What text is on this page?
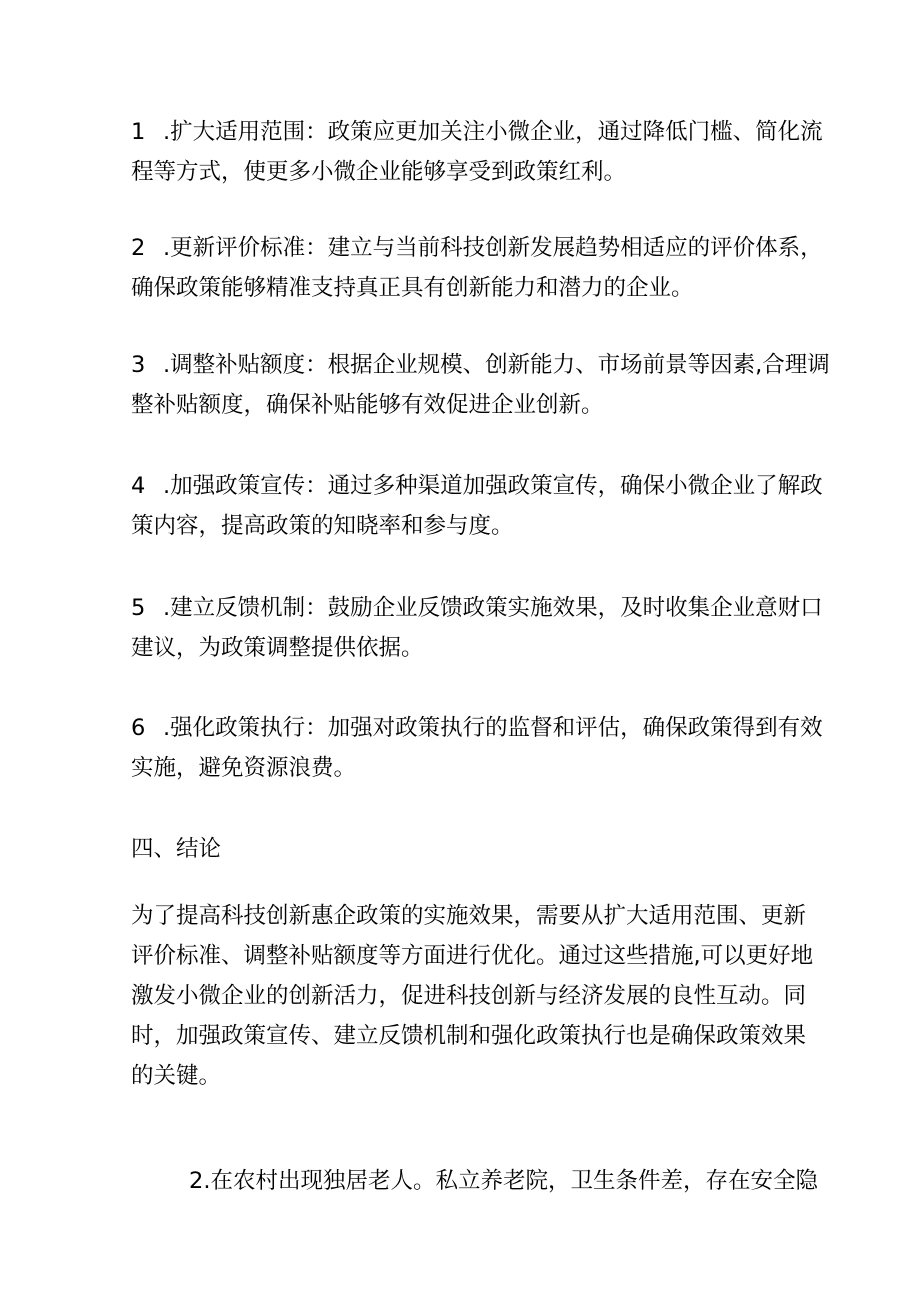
1 .扩大适用范围：政策应更加关注小微企业，通过降低门槛、简化流
程等方式，使更多小微企业能够享受到政策红利。
2 .更新评价标准：建立与当前科技创新发展趋势相适应的评价体系，
确保政策能够精准支持真正具有创新能力和潜力的企业。
3 .调整补贴额度：根据企业规模、创新能力、市场前景等因素,合理调
整补贴额度，确保补贴能够有效促进企业创新。
4 .加强政策宣传：通过多种渠道加强政策宣传，确保小微企业了解政
策内容，提高政策的知晓率和参与度。
5 .建立反馈机制：鼓励企业反馈政策实施效果，及时收集企业意财口
建议，为政策调整提供依据。
6 .强化政策执行：加强对政策执行的监督和评估，确保政策得到有效
实施，避免资源浪费。
四、结论
为了提高科技创新惠企政策的实施效果，需要从扩大适用范围、更新
评价标准、调整补贴额度等方面进行优化。通过这些措施,可以更好地
激发小微企业的创新活力，促进科技创新与经济发展的良性互动。同
时，加强政策宣传、建立反馈机制和强化政策执行也是确保政策效果
的关键。
2.在农村出现独居老人。私立养老院，卫生条件差，存在安全隐
